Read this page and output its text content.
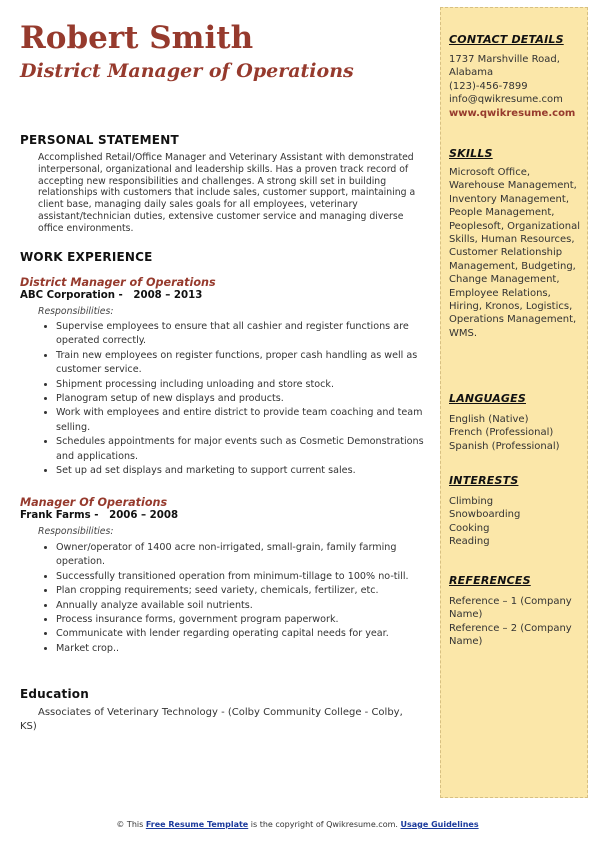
Robert Smith
District Manager of Operations
PERSONAL STATEMENT

Accomplished Retail/Office Manager and Veterinary Assistant with demonstrated interpersonal, organizational and leadership skills. Has a proven track record of accepting new responsibilities and challenges. A strong skill set in building relationships with customers that include sales, customer support, maintaining a client base, managing daily sales goals for all employees, veterinary assistant/technician duties, extensive customer service and managing diverse office environments.

WORK EXPERIENCE
District Manager of Operations
ABC Corporation -   2008 – 2013
Responsibilities:
• Supervise employees to ensure that all cashier and register functions are operated correctly.
• Train new employees on register functions, proper cash handling as well as customer service.
• Shipment processing including unloading and store stock.
• Planogram setup of new displays and products.
• Work with employees and entire district to provide team coaching and team selling.
• Schedules appointments for major events such as Cosmetic Demonstrations and applications.
• Set up ad set displays and marketing to support current sales.
Manager Of Operations
Frank Farms -   2006 – 2008
Responsibilities:
• Owner/operator of 1400 acre non-irrigated, small-grain, family farming operation.
• Successfully transitioned operation from minimum-tillage to 100% no-till.
• Plan cropping requirements; seed variety, chemicals, fertilizer, etc.
• Annually analyze available soil nutrients.
• Process insurance forms, government program paperwork.
• Communicate with lender regarding operating capital needs for year.
• Market crop..
Education

Associates of Veterinary Technology - (Colby Community College - Colby, KS)

CONTACT DETAILS
1737 Marshville Road,
Alabama
(123)-456-7899
info@qwikresume.com
www.qwikresume.com
SKILLS

Microsoft Office, Warehouse Management, Inventory Management, People Management, Peoplesoft, Organizational Skills, Human Resources, Customer Relationship Management, Budgeting, Change Management, Employee Relations, Hiring, Kronos, Logistics, Operations Management, WMS.

LANGUAGES
English (Native)
French (Professional)
Spanish (Professional)
INTERESTS
Climbing
Snowboarding
Cooking
Reading
REFERENCES
Reference – 1 (Company Name)
Reference – 2 (Company Name)
© This Free Resume Template is the copyright of Qwikresume.com. Usage Guidelines
